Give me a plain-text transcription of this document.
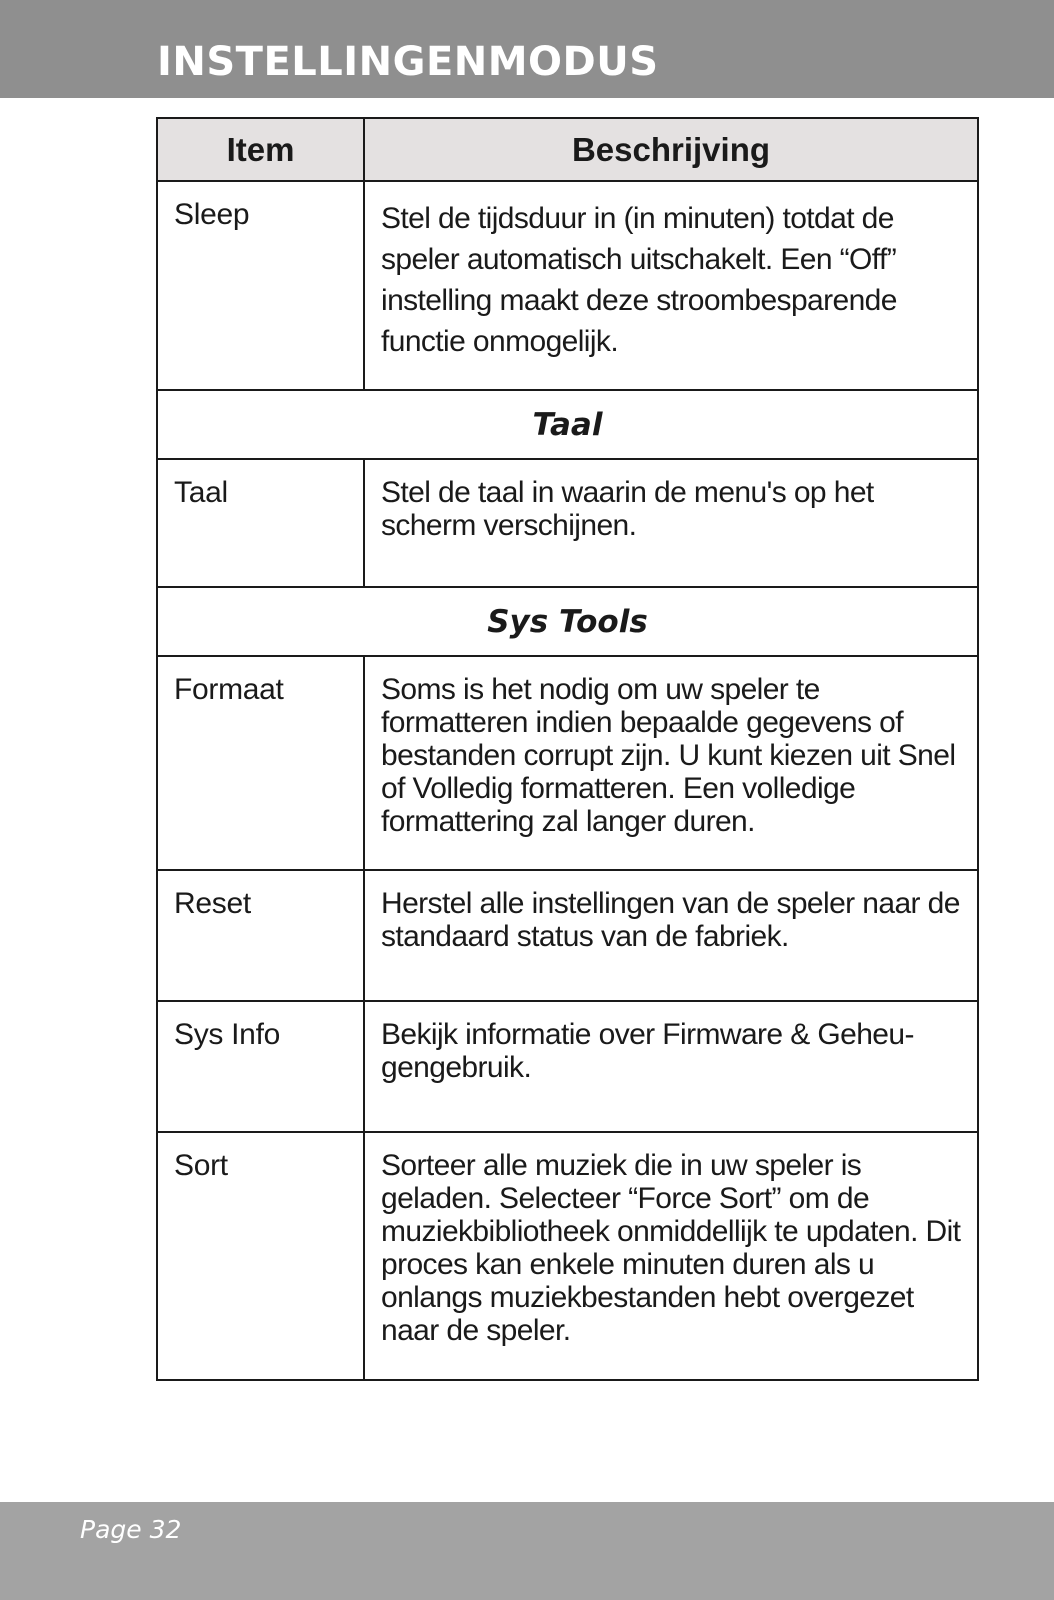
INSTELLINGENMODUS
Item	Beschrijving
Sleep	Stel de tijdsduur in (in minuten) totdat de speler automatisch uitschakelt. Een “Off” instelling maakt deze stroombesparende functie onmogelijk.

Taal	
Taal	Stel de taal in waarin de menu's op het scherm verschijnen.

Sys Tools	
Formaat	Soms is het nodig om uw speler te formatteren indien bepaalde gegevens of bestanden corrupt zijn. U kunt kiezen uit Snel of Volledig formatteren. Een volledige formattering zal langer duren.

Reset	Herstel alle instellingen van de speler naar de standaard status van de fabriek.

Sys Info	Bekijk informatie over Firmware & Geheu-gengebruik.

Sort	Sorteer alle muziek die in uw speler is geladen. Selecteer “Force Sort” om de muziekbibliotheek onmiddellijk te updaten. Dit proces kan enkele minuten duren als u onlangs muziekbestanden hebt overgezet naar de speler.
Page 32
